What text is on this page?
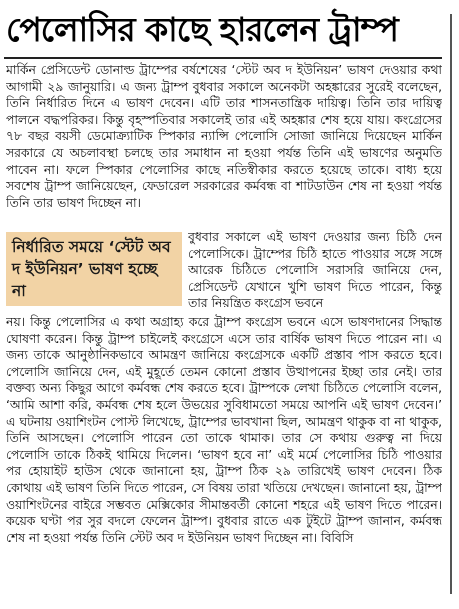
পেলোসির কাছে হারলেন ট্রাম্প

মার্কিন প্রেসিডেন্ট ডোনাল্ড ট্রাম্পের বর্ষশেষের ‘স্টেট অব দ ইউনিয়ন’ ভাষণ দেওয়ার কথা আগামী ২৯ জানুয়ারি। এ জন্য ট্রাম্প বুধবার সকালে অনেকটা অহঙ্কারের সুরেই বলেছেন, তিনি নির্ধারিত দিনে এ ভাষণ দেবেন। এটি তার শাসনতান্ত্রিক দায়িত্ব। তিনি তার দায়িত্ব পালনে বদ্ধপরিকর। কিন্তু বৃহস্পতিবার সকালেই তার এই অহঙ্কার শেষ হয়ে যায়। কংগ্রেসের ৭৮ বছর বয়সী ডেমোক্র্যাটিক স্পিকার ন্যান্সি পেলোসি সোজা জানিয়ে দিয়েছেন মার্কিন সরকারে যে অচলাবস্থা চলছে তার সমাধান না হওয়া পর্যন্ত তিনি এই ভাষণের অনুমতি পাবেন না। ফলে স্পিকার পেলোসির কাছে নতিস্বীকার করতে হয়েছে তাকে। বাধ্য হয়ে সবশেষ ট্রাম্প জানিয়েছেন, ফেডারেল সরকারের কর্মবন্ধ বা শাটডাউন শেষ না হওয়া পর্যন্ত তিনি তার ভাষণ দিচ্ছেন না।

নির্ধারিত সময়ে ‘স্টেট অব দ ইউনিয়ন’ ভাষণ হচ্ছে না

বুধবার সকালে এই ভাষণ দেওয়ার জন্য চিঠি দেন পেলোসিকে। ট্রাম্পের চিঠি হাতে পাওয়ার সঙ্গে সঙ্গে আরেক চিঠিতে পেলোসি সরাসরি জানিয়ে দেন, প্রেসিডেন্ট যেখানে খুশি ভাষণ দিতে পারেন, কিন্তু তার নিয়ন্ত্রিত কংগ্রেস ভবনে

নয়। কিন্তু পেলোসির এ কথা অগ্রাহ্য করে ট্রাম্প কংগ্রেস ভবনে এসে ভাষণদানের সিদ্ধান্ত ঘোষণা করেন। কিন্তু ট্রাম্প চাইলেই কংগ্রেসে এসে তার বার্ষিক ভাষণ দিতে পারেন না। এ জন্য তাকে আনুষ্ঠানিকভাবে আমন্ত্রণ জানিয়ে কংগ্রেসকে একটি প্রস্তাব পাস করতে হবে। পেলোসি জানিয়ে দেন, এই মুহূর্তে তেমন কোনো প্রস্তাব উত্থাপনের ইচ্ছা তার নেই। তার বক্তব্য অন্য কিছুর আগে কর্মবন্ধ শেষ করতে হবে। ট্রাম্পকে লেখা চিঠিতে পেলোসি বলেন, ‘আমি আশা করি, কর্মবন্ধ শেষ হলে উভয়ের সুবিধামতো সময়ে আপনি এই ভাষণ দেবেন।’ এ ঘটনায় ওয়াশিংটন পোস্ট লিখেছে, ট্রাম্পের ভাবখানা ছিল, আমন্ত্রণ থাকুক বা না থাকুক, তিনি আসছেন। পেলোসি পারেন তো তাকে থামাক। তার সে কথায় গুরুত্ব না দিয়ে পেলোসি তাকে ঠিকই থামিয়ে দিলেন। ‘ভাষণ হবে না’ এই মর্মে পেলোসির চিঠি পাওয়ার পর হোয়াইট হাউস থেকে জানানো হয়, ট্রাম্প ঠিক ২৯ তারিখেই ভাষণ দেবেন। ঠিক কোথায় এই ভাষণ তিনি দিতে পারেন, সে বিষয় তারা খতিয়ে দেখছেন। জানানো হয়, ট্রাম্প ওয়াশিংটনের বাইরে সম্ভবত মেক্সিকোর সীমান্তবর্তী কোনো শহরে এই ভাষণ দিতে পারেন। কয়েক ঘণ্টা পর সুর বদলে ফেলেন ট্রাম্প। বুধবার রাতে এক টুইটে ট্রাম্প জানান, কর্মবন্ধ শেষ না হওয়া পর্যন্ত তিনি স্টেট অব দ ইউনিয়ন ভাষণ দিচ্ছেন না। বিবিসি
